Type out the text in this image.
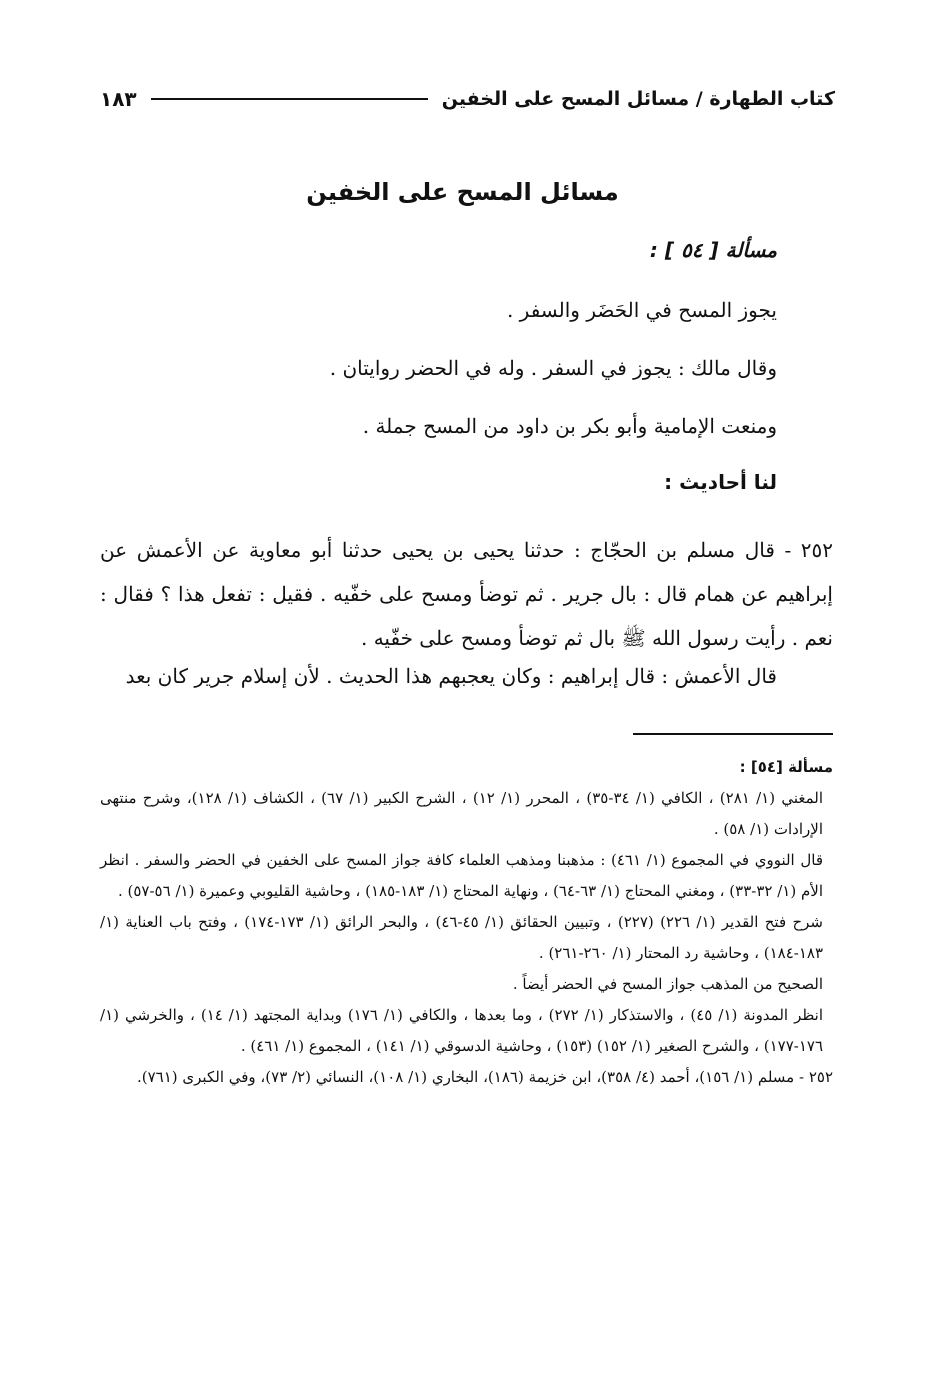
كتاب الطهارة / مسائل المسح على الخفين
١٨٣
مسائل المسح على الخفين
مسألة [ ٥٤ ] :
يجوز المسح في الحَضَر والسفر .
وقال مالك : يجوز في السفر . وله في الحضر روايتان .
ومنعت الإمامية وأبو بكر بن داود من المسح جملة .
لنا أحاديث :
٢٥٢ - قال مسلم بن الحجّاج : حدثنا يحيى بن يحيى حدثنا أبو معاوية عن الأعمش عن إبراهيم عن همام قال : بال جرير . ثم توضأ ومسح على خفّيه . فقيل : تفعل هذا ؟ فقال : نعم . رأيت رسول الله ﷺ بال ثم توضأ ومسح على خفّيه .
قال الأعمش : قال إبراهيم : وكان يعجبهم هذا الحديث . لأن إسلام جرير كان بعد

مسألة [٥٤] :

المغني (١/ ٢٨١) ، الكافي (١/ ٣٤-٣٥) ، المحرر (١/ ١٢) ، الشرح الكبير (١/ ٦٧) ، الكشاف (١/ ١٢٨)، وشرح منتهى الإرادات (١/ ٥٨) .

قال النووي في المجموع (١/ ٤٦١) : مذهبنا ومذهب العلماء كافة جواز المسح على الخفين في الحضر والسفر . انظر الأم (١/ ٣٢-٣٣) ، ومغني المحتاج (١/ ٦٣-٦٤) ، ونهاية المحتاج (١/ ١٨٣-١٨٥) ، وحاشية القليوبي وعميرة (١/ ٥٦-٥٧) .

شرح فتح القدير (١/ ٢٢٦) (٢٢٧) ، وتبيين الحقائق (١/ ٤٥-٤٦) ، والبحر الرائق (١/ ١٧٣-١٧٤) ، وفتح باب العناية (١/ ١٨٣-١٨٤) ، وحاشية رد المحتار (١/ ٢٦٠-٢٦١) .

الصحيح من المذهب جواز المسح في الحضر أيضاً .

انظر المدونة (١/ ٤٥) ، والاستذكار (١/ ٢٧٢) ، وما بعدها ، والكافي (١/ ١٧٦) وبداية المجتهد (١/ ١٤) ، والخرشي (١/ ١٧٦-١٧٧) ، والشرح الصغير (١/ ١٥٢) (١٥٣) ، وحاشية الدسوقي (١/ ١٤١) ، المجموع (١/ ٤٦١) .

٢٥٢ - مسلم (١/ ١٥٦)، أحمد (٤/ ٣٥٨)، ابن خزيمة (١٨٦)، البخاري (١/ ١٠٨)، النسائي (٢/ ٧٣)، وفي الكبرى (٧٦١).
